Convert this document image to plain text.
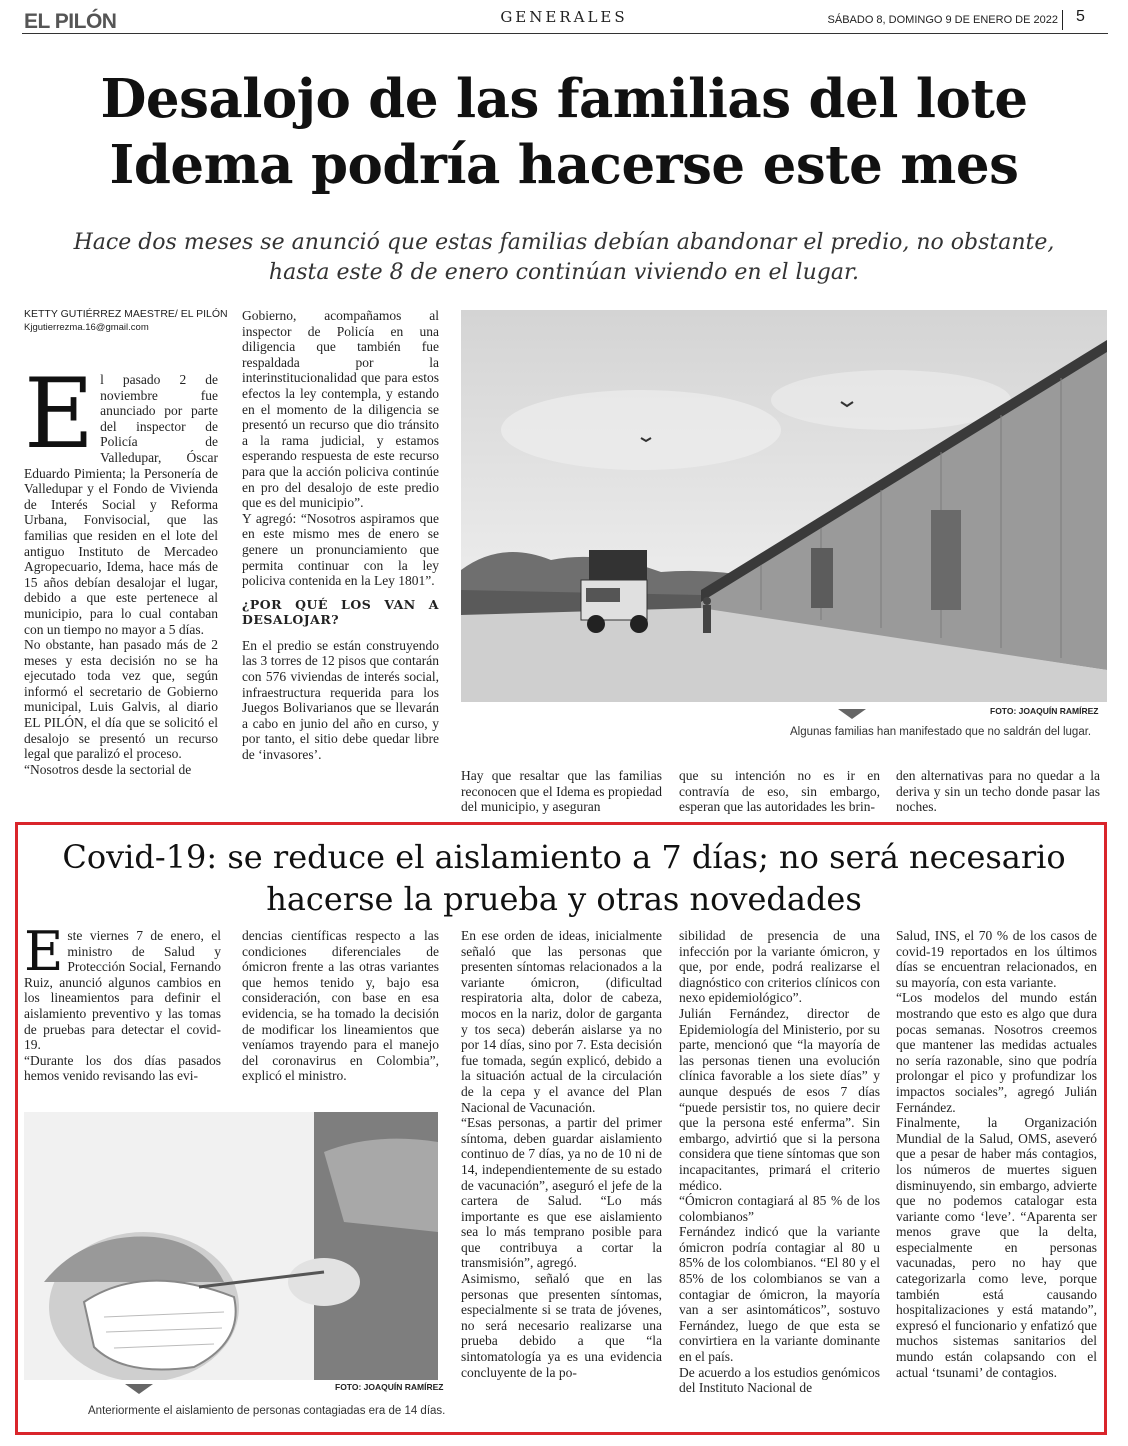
EL PILÓN	GENERALES	SÁBADO 8, DOMINGO 9 DE ENERO DE 2022 5
Desalojo de las familias del lote
Idema podría hacerse este mes
Hace dos meses se anunció que estas familias debían abandonar el predio, no obstante,
hasta este 8 de enero continúan viviendo en el lugar.
KETTY GUTIÉRREZ MAESTRE/ EL PILÓN
Kjgutierrezma.16@gmail.com
E l pasado 2 de noviembre fue anunciado por parte del inspector de Policía de Valledupar, Óscar Eduardo Pimienta; la Personería de Valledupar y el Fondo de Vivienda de Interés Social y Reforma Urbana, Fonvisocial, que las familias que residen en el lote del antiguo Instituto de Mercadeo Agropecuario, Idema, hace más de 15 años debían desalojar el lugar, debido a que este pertenece al municipio, para lo cual contaban con un tiempo no mayor a 5 días.

No obstante, han pasado más de 2 meses y esta decisión no se ha ejecutado toda vez que, según informó el secretario de Gobierno municipal, Luis Galvis, al diario EL PILÓN, el día que se solicitó el desalojo se presentó un recurso legal que paralizó el proceso.

“Nosotros desde la sectorial de

Gobierno, acompañamos al inspector de Policía en una diligencia que también fue respaldada por la interinstitucionalidad que para estos efectos la ley contempla, y estando en el momento de la diligencia se presentó un recurso que dio tránsito a la rama judicial, y estamos esperando respuesta de este recurso para que la acción policiva continúe en pro del desalojo de este predio que es del municipio”.

Y agregó: “Nosotros aspiramos que en este mismo mes de enero se genere un pronunciamiento que permita continuar con la ley policiva contenida en la Ley 1801”.

¿POR QUÉ LOS VAN A DESALOJAR?

En el predio se están construyendo las 3 torres de 12 pisos que contarán con 576 viviendas de interés social, infraestructura requerida para los Juegos Bolivarianos que se llevarán a cabo en junio del año en curso, y por tanto, el sitio debe quedar libre de ‘invasores’.

FOTO: JOAQUÍN RAMÍREZ
Algunas familias han manifestado que no saldrán del lugar.
Hay que resaltar que las familias reconocen que el Idema es propiedad del municipio, y aseguran
que su intención no es ir en contravía de eso, sin embargo, esperan que las autoridades les brin-
den alternativas para no quedar a la deriva y sin un techo donde pasar las noches.
Covid-19: se reduce el aislamiento a 7 días; no será necesario
hacerse la prueba y otras novedades
E ste viernes 7 de enero, el ministro de Salud y Protección Social, Fernando Ruiz, anunció algunos cambios en los lineamientos para definir el aislamiento preventivo y las tomas de pruebas para detectar el covid-19.

“Durante los dos días pasados hemos venido revisando las evi-

dencias científicas respecto a las condiciones diferenciales de ómicron frente a las otras variantes que hemos tenido y, bajo esa consideración, con base en esa evidencia, se ha tomado la decisión de modificar los lineamientos que veníamos trayendo para el manejo del coronavirus en Colombia”, explicó el ministro.

FOTO: JOAQUÍN RAMÍREZ
Anteriormente el aislamiento de personas contagiadas era de 14 días.

En ese orden de ideas, inicialmente señaló que las personas que presenten síntomas relacionados a la variante ómicron, (dificultad respiratoria alta, dolor de cabeza, mocos en la nariz, dolor de garganta y tos seca) deberán aislarse ya no por 14 días, sino por 7. Esta decisión fue tomada, según explicó, debido a la situación actual de la circulación de la cepa y el avance del Plan Nacional de Vacunación.

“Esas personas, a partir del primer síntoma, deben guardar aislamiento continuo de 7 días, ya no de 10 ni de 14, independientemente de su estado de vacunación”, aseguró el jefe de la cartera de Salud. “Lo más importante es que ese aislamiento sea lo más temprano posible para que contribuya a cortar la transmisión”, agregó.

Asimismo, señaló que en las personas que presenten síntomas, especialmente si se trata de jóvenes, no será necesario realizarse una prueba debido a que “la sintomatología ya es una evidencia concluyente de la po-

sibilidad de presencia de una infección por la variante ómicron, y que, por ende, podrá realizarse el diagnóstico con criterios clínicos con nexo epidemiológico”.

Julián Fernández, director de Epidemiología del Ministerio, por su parte, mencionó que “la mayoría de las personas tienen una evolución clínica favorable a los siete días” y aunque después de esos 7 días “puede persistir tos, no quiere decir que la persona esté enferma”. Sin embargo, advirtió que si la persona considera que tiene síntomas que son incapacitantes, primará el criterio médico.

“Ómicron contagiará al 85 % de los colombianos”

Fernández indicó que la variante ómicron podría contagiar al 80 u 85% de los colombianos. “El 80 y el 85% de los colombianos se van a contagiar de ómicron, la mayoría van a ser asintomáticos”, sostuvo Fernández, luego de que esta se convirtiera en la variante dominante en el país.

De acuerdo a los estudios genómicos del Instituto Nacional de

Salud, INS, el 70 % de los casos de covid-19 reportados en los últimos días se encuentran relacionados, en su mayoría, con esta variante.

“Los modelos del mundo están mostrando que esto es algo que dura pocas semanas. Nosotros creemos que mantener las medidas actuales no sería razonable, sino que podría prolongar el pico y profundizar los impactos sociales”, agregó Julián Fernández.

Finalmente, la Organización Mundial de la Salud, OMS, aseveró que a pesar de haber más contagios, los números de muertes siguen disminuyendo, sin embargo, advierte que no podemos catalogar esta variante como ‘leve’. “Aparenta ser menos grave que la delta, especialmente en personas vacunadas, pero no hay que categorizarla como leve, porque también está causando hospitalizaciones y está matando”, expresó el funcionario y enfatizó que muchos sistemas sanitarios del mundo están colapsando con el actual ‘tsunami’ de contagios.
